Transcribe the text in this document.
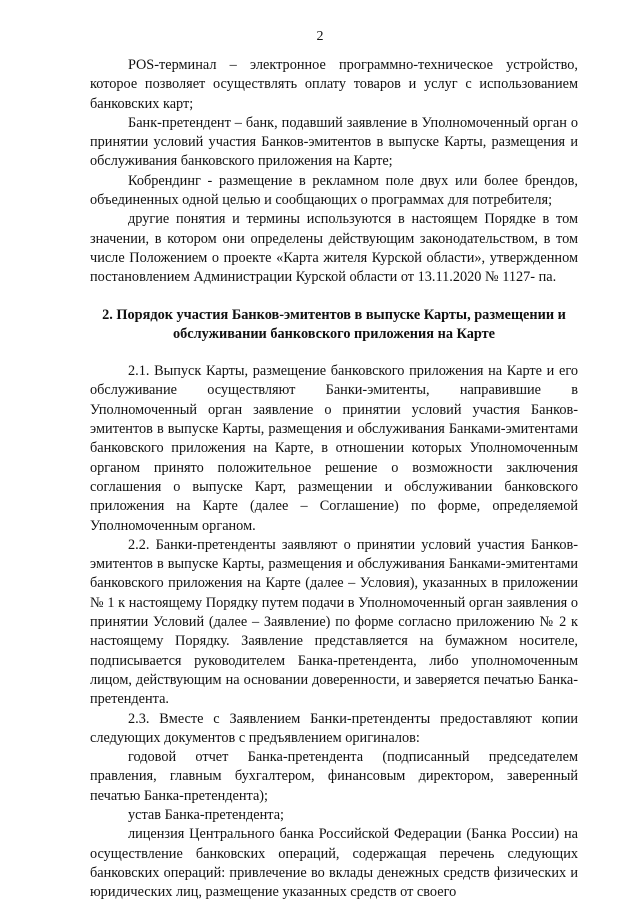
2

POS-терминал – электронное программно-техническое устройство, которое позволяет осуществлять оплату товаров и услуг с использованием банковских карт;

Банк-претендент – банк, подавший заявление в Уполномоченный орган о принятии условий участия Банков-эмитентов в выпуске Карты, размещения и обслуживания банковского приложения на Карте;

Кобрендинг - размещение в рекламном поле двух или более брендов, объединенных одной целью и сообщающих о программах для потребителя;

другие понятия и термины используются в настоящем Порядке в том значении, в котором они определены действующим законодательством, в том числе Положением о проекте «Карта жителя Курской области», утвержденном постановлением Администрации Курской области от 13.11.2020 № 1127- па.

2. Порядок участия Банков-эмитентов в выпуске Карты, размещении и обслуживании банковского приложения на Карте

2.1. Выпуск Карты, размещение банковского приложения на Карте и его обслуживание осуществляют Банки-эмитенты, направившие в Уполномоченный орган заявление о принятии условий участия Банков-эмитентов в выпуске Карты, размещения и обслуживания Банками-эмитентами банковского приложения на Карте, в отношении которых Уполномоченным органом принято положительное решение о возможности заключения соглашения о выпуске Карт, размещении и обслуживании банковского приложения на Карте (далее – Соглашение) по форме, определяемой Уполномоченным органом.

2.2. Банки-претенденты заявляют о принятии условий участия Банков-эмитентов в выпуске Карты, размещения и обслуживания Банками-эмитентами банковского приложения на Карте (далее – Условия), указанных в приложении № 1 к настоящему Порядку путем подачи в Уполномоченный орган заявления о принятии Условий (далее – Заявление) по форме согласно приложению № 2 к настоящему Порядку. Заявление представляется на бумажном носителе, подписывается руководителем Банка-претендента, либо уполномоченным лицом, действующим на основании доверенности, и заверяется печатью Банка-претендента.

2.3. Вместе с Заявлением Банки-претенденты предоставляют копии следующих документов с предъявлением оригиналов:

годовой отчет Банка-претендента (подписанный председателем правления, главным бухгалтером, финансовым директором, заверенный печатью Банка-претендента);

устав Банка-претендента;

лицензия Центрального банка Российской Федерации (Банка России) на осуществление банковских операций, содержащая перечень следующих банковских операций: привлечение во вклады денежных средств физических и юридических лиц, размещение указанных средств от своего
